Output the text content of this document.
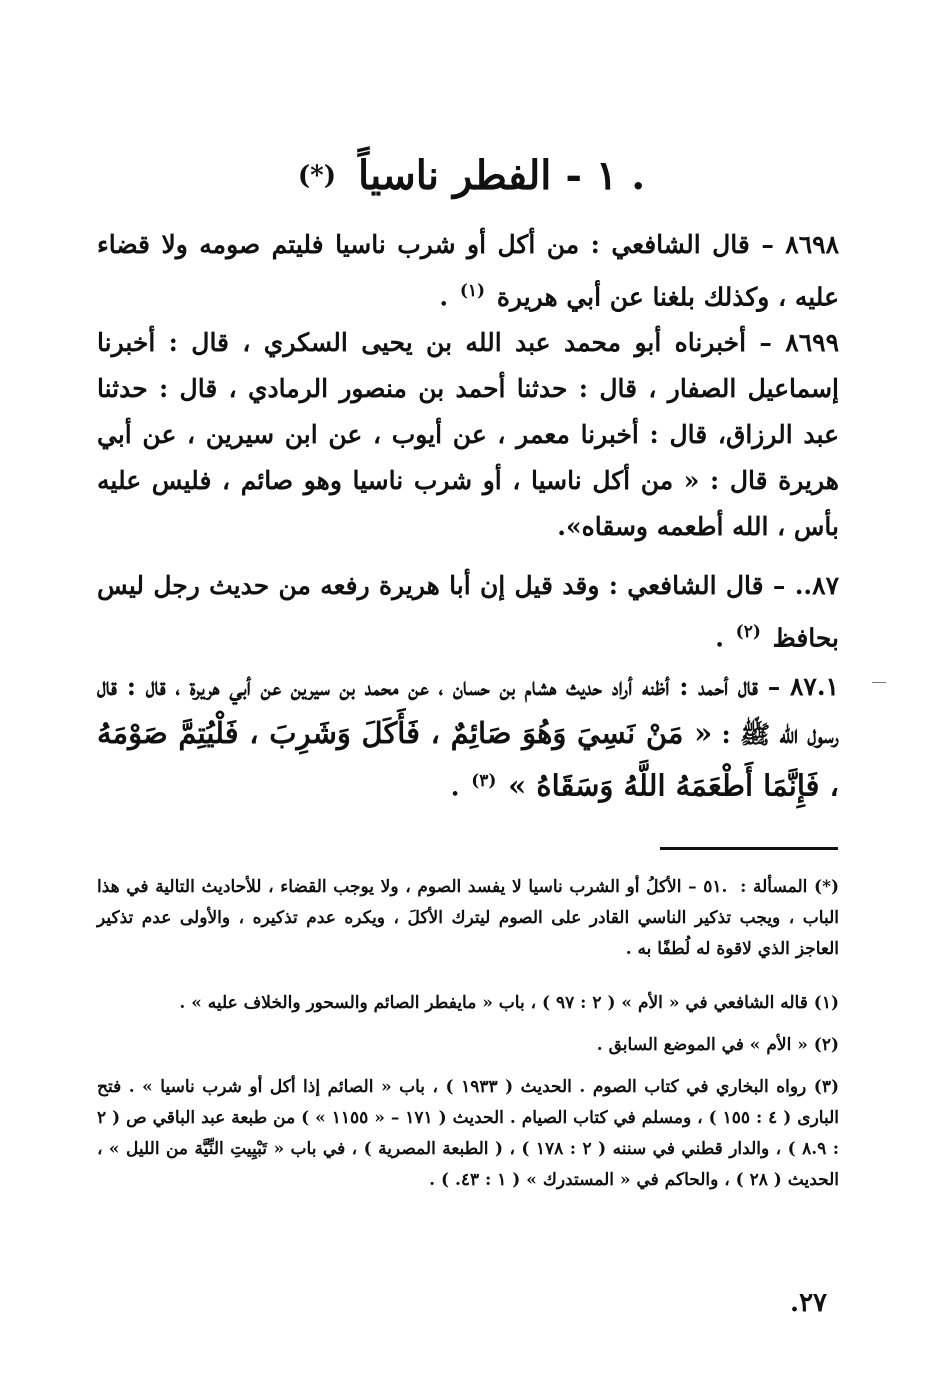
. ١ - الفطر ناسياً (*)
٨٦٩٨ – قال الشافعي : من أكل أو شرب ناسيا فليتم صومه ولا قضاء عليه ، وكذلك بلغنا عن أبي هريرة $^{(١)}$ .
٨٦٩٩ – أخبرناه أبو محمد عبد الله بن يحيى السكري ، قال : أخبرنا إسماعيل الصفار ، قال : حدثنا أحمد بن منصور الرمادي ، قال : حدثنا عبد الرزاق، قال : أخبرنا معمر ، عن أيوب ، عن ابن سيرين ، عن أبي هريرة قال : « من أكل ناسيا ، أو شرب ناسيا وهو صائم ، فليس عليه بأس ، الله أطعمه وسقاه».
٨٧.. – قال الشافعي : وقد قيل إن أبا هريرة رفعه من حديث رجل ليس بحافظ $^{(٢)}$ .
٨٧.١ – قال أحمد : أظنه أراد حديث هشام بن حسان ، عن محمد بن سيرين عن أبي هريرة ، قال : قال رسول الله ﷺ : « مَنْ نَسِيَ وَهُوَ صَائِمٌ ، فَأَكَلَ وَشَرِبَ ، فَلْيُتِمَّ صَوْمَهُ ، فَإِنَّمَا أَطْعَمَهُ اللَّهُ وَسَقَاهُ » $^{(٣)}$ .
(*) المسألة : .٥١ – الأكلُ أو الشرب ناسيا لا يفسد الصوم ، ولا يوجب القضاء ، للأحاديث التالية في هذا الباب ، ويجب تذكير الناسي القادر على الصوم ليترك الأكلَ ، ويكره عدم تذكيره ، والأولى عدم تذكير العاجز الذي لاقوة له لُطفًا به .
(١) قاله الشافعي في « الأم » ( ٢ : ٩٧ ) ، باب « مايفطر الصائم والسحور والخلاف عليه » .
(٢) « الأم » في الموضع السابق .
(٣) رواه البخاري في كتاب الصوم . الحديث ( ١٩٣٣ ) ، باب « الصائم إذا أكل أو شرب ناسيا » . فتح البارى ( ٤ : ١٥٥ ) ، ومسلم في كتاب الصيام . الحديث ( ١٧١ – « ١١٥٥ » ) من طبعة عبد الباقي ص ( ٢ : ٨.٩ ) ، والدار قطني في سننه ( ٢ : ١٧٨ ) ، ( الطبعة المصرية ) ، في باب « تَبْيِيتِ النِّيَّة من الليل » ، الحديث ( ٢٨ ) ، والحاكم في « المستدرك » ( ١ : ٤٣. ) .
٢٧.
